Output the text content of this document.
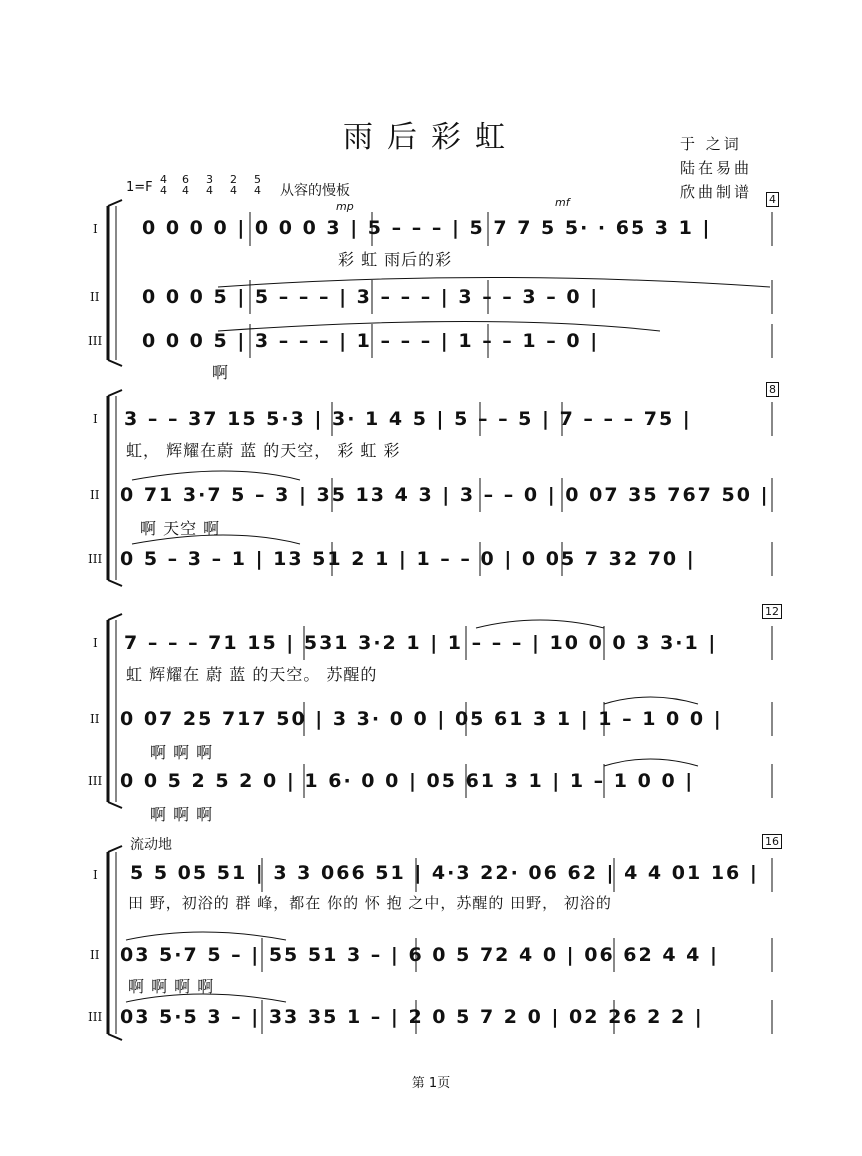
雨后彩虹	于 之词
陆在易曲
欣曲制谱
1=F
4
4
6
4
3
4
2
4
5
4 从容的慢板
mp	mf	4
8
12
16
I
II
III
0 0 0 0 | 0 0 0 3 | 5 – – – | 5 7 7 5 5· · 65 3 1 |
彩 虹 雨后的彩
0 0 0 5 | 5 – – – | 3 – – – | 3 – – 3 – 0 |
0 0 0 5 | 3 – – – | 1 – – – | 1 – – 1 – 0 |
啊
I
II
III
3 – – 37 15 5·3 | 3· 1 4 5 | 5 – – 5 | 7 – – – 75 |
虹， 辉耀在蔚 蓝 的天空， 彩 虹 彩
0 71 3·7 5 – 3 | 35 13 4 3 | 3 – – 0 | 0 07 35 767 50 |
啊 天空 啊
0 5 – 3 – 1 | 13 51 2 1 | 1 – – 0 | 0 05 7 32 70 |
I
II
III
7 – – – 71 15 | 531 3·2 1 | 1 – – – | 10 0 0 3 3·1 |
虹 辉耀在 蔚 蓝 的天空。 苏醒的
0 07 25 717 50 | 3 3· 0 0 | 05 61 3 1 | 1 – 1 0 0 |
啊 啊 啊
0 0 5 2 5 2 0 | 1 6· 0 0 | 05 61 3 1 | 1 – 1 0 0 |
啊 啊 啊
流动地
I
II
III
5 5 05 51 | 3 3 066 51 | 4·3 22· 06 62 | 4 4 01 16 |
田 野，初浴的 群 峰，都在 你的 怀 抱 之中，苏醒的 田野， 初浴的
03 5·7 5 – | 55 51 3 – | 6 0 5 72 4 0 | 06 62 4 4 |
啊 啊 啊 啊
03 5·5 3 – | 33 35 1 – | 2 0 5 7 2 0 | 02 26 2 2 |
第 1页
